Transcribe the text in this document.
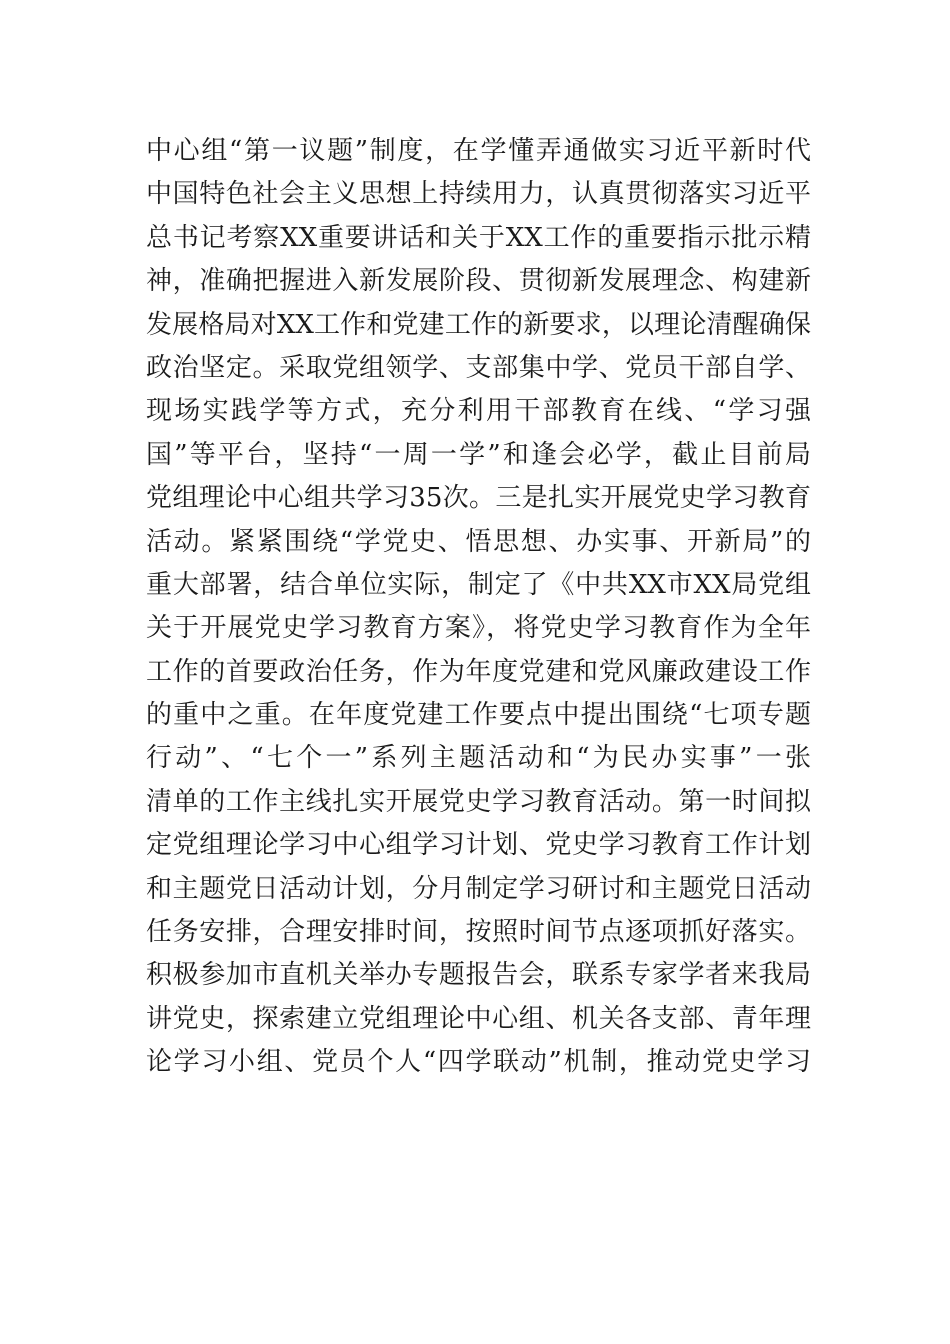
中心组“第一议题”制度，在学懂弄通做实习近平新时代
中国特色社会主义思想上持续用力，认真贯彻落实习近平
总书记考察XX重要讲话和关于XX工作的重要指示批示精
神，准确把握进入新发展阶段、贯彻新发展理念、构建新
发展格局对XX工作和党建工作的新要求，以理论清醒确保
政治坚定。采取党组领学、支部集中学、党员干部自学、
现场实践学等方式，充分利用干部教育在线、“学习强
国”等平台，坚持“一周一学”和逢会必学，截止目前局
党组理论中心组共学习35次。三是扎实开展党史学习教育
活动。紧紧围绕“学党史、悟思想、办实事、开新局”的
重大部署，结合单位实际，制定了《中共XX市XX局党组
关于开展党史学习教育方案》，将党史学习教育作为全年
工作的首要政治任务，作为年度党建和党风廉政建设工作
的重中之重。在年度党建工作要点中提出围绕“七项专题
行动”、“七个一”系列主题活动和“为民办实事”一张
清单的工作主线扎实开展党史学习教育活动。第一时间拟
定党组理论学习中心组学习计划、党史学习教育工作计划
和主题党日活动计划，分月制定学习研讨和主题党日活动
任务安排，合理安排时间，按照时间节点逐项抓好落实。
积极参加市直机关举办专题报告会，联系专家学者来我局
讲党史，探索建立党组理论中心组、机关各支部、青年理
论学习小组、党员个人“四学联动”机制，推动党史学习
